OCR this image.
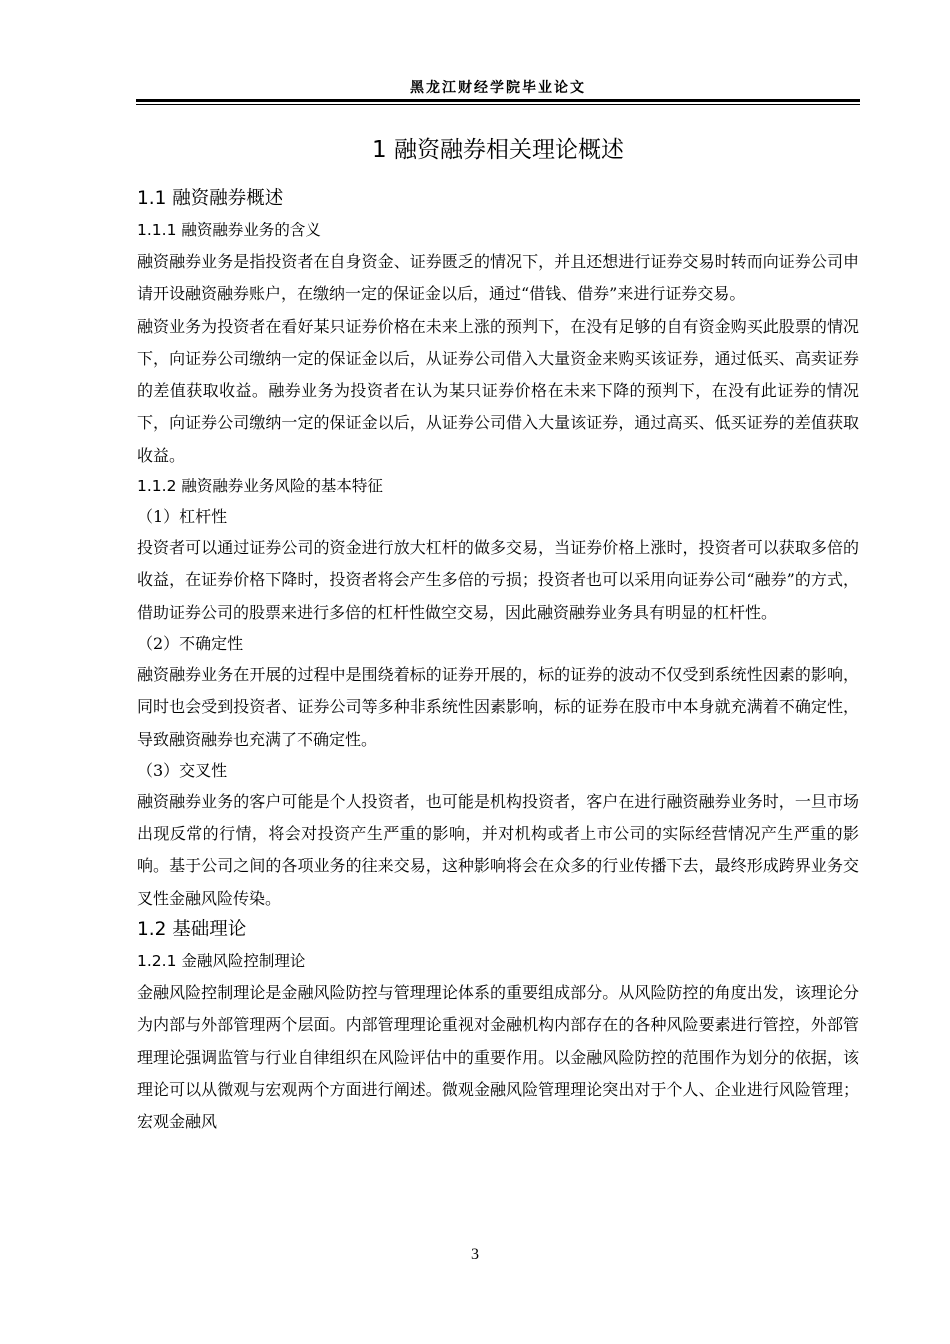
黑龙江财经学院毕业论文
1 融资融券相关理论概述
1.1 融资融券概述
1.1.1 融资融券业务的含义

融资融券业务是指投资者在自身资金、证券匮乏的情况下，并且还想进行证券交易时转而向证券公司申请开设融资融券账户，在缴纳一定的保证金以后，通过“借钱、借券”来进行证券交易。

融资业务为投资者在看好某只证券价格在未来上涨的预判下，在没有足够的自有资金购买此股票的情况下，向证券公司缴纳一定的保证金以后，从证券公司借入大量资金来购买该证券，通过低买、高卖证券的差值获取收益。融券业务为投资者在认为某只证券价格在未来下降的预判下，在没有此证券的情况下，向证券公司缴纳一定的保证金以后，从证券公司借入大量该证券，通过高买、低买证券的差值获取收益。

1.1.2 融资融券业务风险的基本特征
（1）杠杆性

投资者可以通过证券公司的资金进行放大杠杆的做多交易，当证券价格上涨时，投资者可以获取多倍的收益，在证券价格下降时，投资者将会产生多倍的亏损；投资者也可以采用向证券公司“融券”的方式，借助证券公司的股票来进行多倍的杠杆性做空交易，因此融资融券业务具有明显的杠杆性。

（2）不确定性

融资融券业务在开展的过程中是围绕着标的证券开展的，标的证券的波动不仅受到系统性因素的影响，同时也会受到投资者、证券公司等多种非系统性因素影响，标的证券在股市中本身就充满着不确定性，导致融资融券也充满了不确定性。

（3）交叉性

融资融券业务的客户可能是个人投资者，也可能是机构投资者，客户在进行融资融券业务时，一旦市场出现反常的行情，将会对投资产生严重的影响，并对机构或者上市公司的实际经营情况产生严重的影响。基于公司之间的各项业务的往来交易，这种影响将会在众多的行业传播下去，最终形成跨界业务交叉性金融风险传染。

1.2 基础理论
1.2.1 金融风险控制理论

金融风险控制理论是金融风险防控与管理理论体系的重要组成部分。从风险防控的角度出发，该理论分为内部与外部管理两个层面。内部管理理论重视对金融机构内部存在的各种风险要素进行管控，外部管理理论强调监管与行业自律组织在风险评估中的重要作用。以金融风险防控的范围作为划分的依据，该理论可以从微观与宏观两个方面进行阐述。微观金融风险管理理论突出对于个人、企业进行风险管理；宏观金融风

3
